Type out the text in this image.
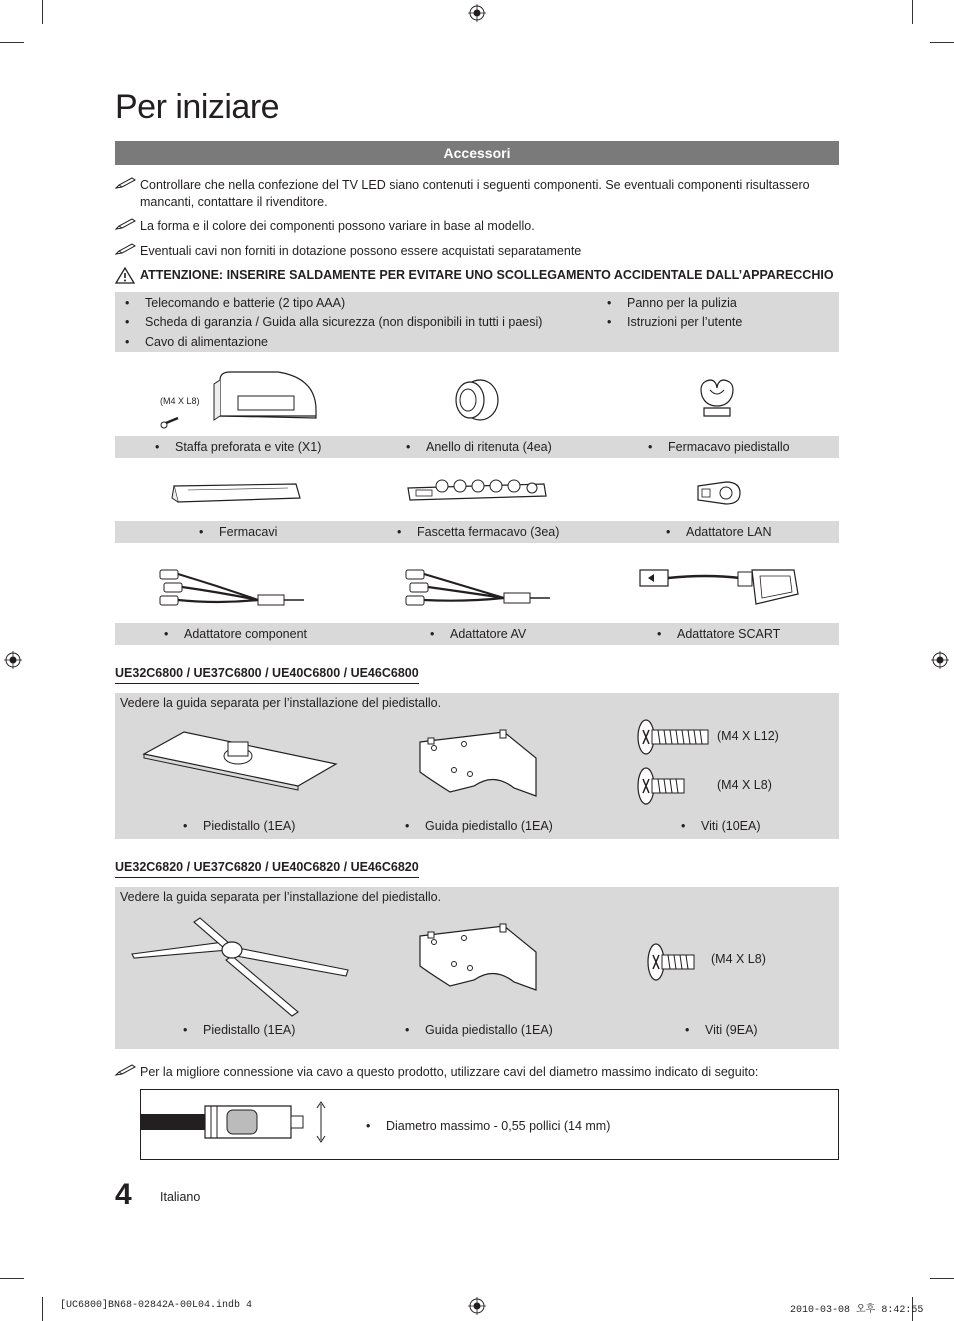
Per iniziare
Accessori
Controllare che nella confezione del TV LED siano contenuti i seguenti componenti. Se eventuali componenti risultassero mancanti, contattare il rivenditore.
La forma e il colore dei componenti possono variare in base al modello.
Eventuali cavi non forniti in dotazione possono essere acquistati separatamente
ATTENZIONE: INSERIRE SALDAMENTE PER EVITARE UNO SCOLLEGAMENTO ACCIDENTALE DALL’APPARECCHIO
• Telecomando e batterie (2 tipo AAA)
• Scheda di garanzia / Guida alla sicurezza (non disponibili in tutti i paesi)
• Cavo di alimentazione
• Panno per la pulizia
• Istruzioni per l’utente
(M4 X L8)
• Staffa preforata e vite (X1)	• Anello di ritenuta (4ea)	• Fermacavo piedistallo
• Fermacavi	• Fascetta fermacavo (3ea)	• Adattatore LAN
• Adattatore component	• Adattatore AV	• Adattatore SCART
UE32C6800 / UE37C6800 / UE40C6800 / UE46C6800
Vedere la guida separata per l’installazione del piedistallo.
(M4 X L12)
(M4 X L8)
• Piedistallo (1EA)	• Guida piedistallo (1EA)	• Viti (10EA)
UE32C6820 / UE37C6820 / UE40C6820 / UE46C6820
Vedere la guida separata per l’installazione del piedistallo.
(M4 X L8)
• Piedistallo (1EA)	• Guida piedistallo (1EA)	• Viti (9EA)
Per la migliore connessione via cavo a questo prodotto, utilizzare cavi del diametro massimo indicato di seguito:
• Diametro massimo - 0,55 pollici (14 mm)
4 Italiano
[UC6800]BN68-02842A-00L04.indb 4	2010-03-08 오후 8:42:55
